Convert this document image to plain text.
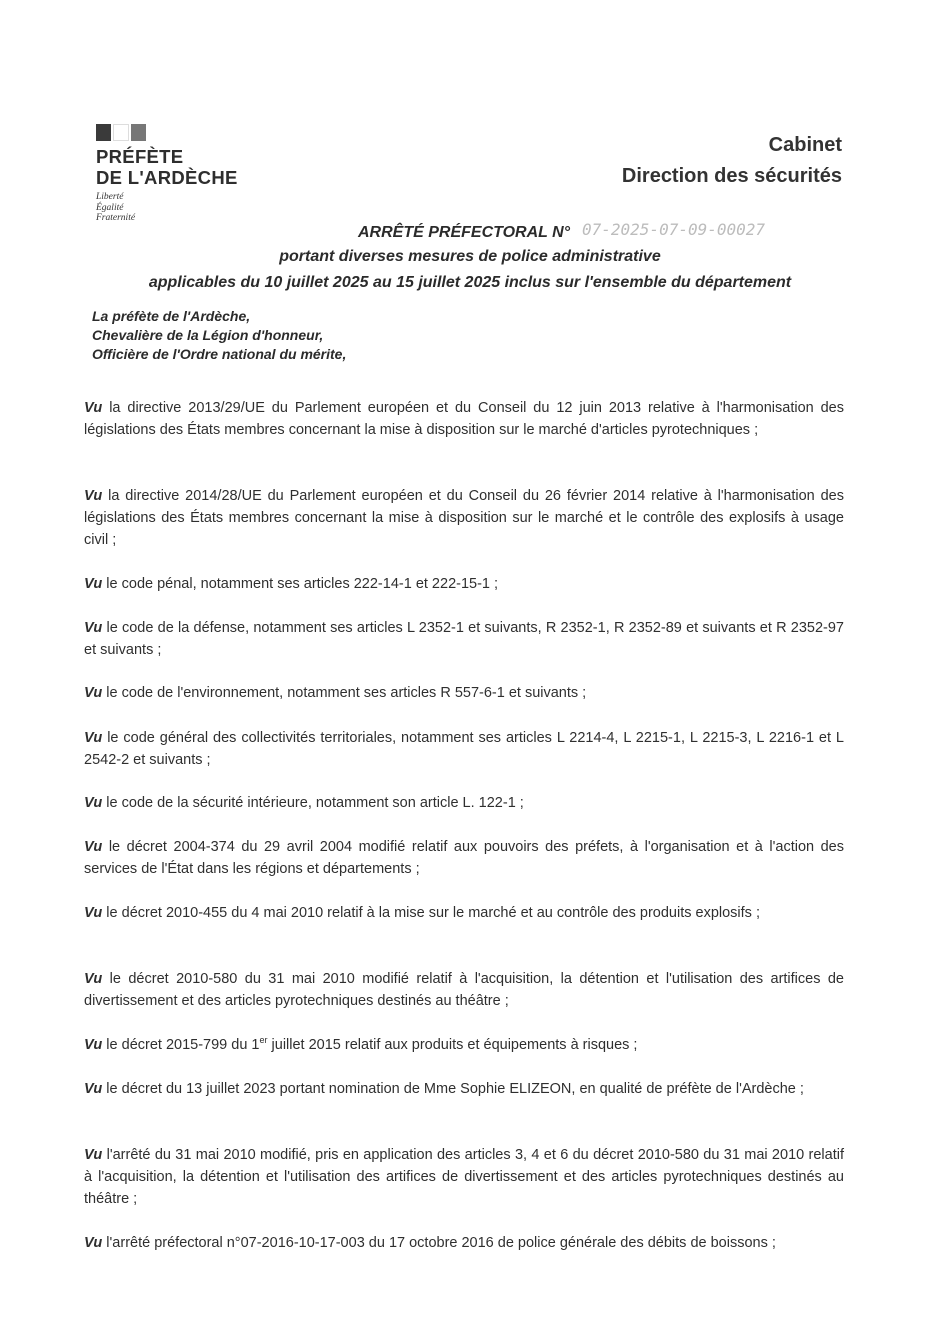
PRÉFÈTE
DE L'ARDÈCHE
Liberté
Égalité
Fraternité
Cabinet
Direction des sécurités
ARRÊTÉ PRÉFECTORAL N° 07-2025-07-09-00027
portant diverses mesures de police administrative
applicables du 10 juillet 2025 au 15 juillet 2025 inclus sur l'ensemble du département
La préfète de l'Ardèche,
Chevalière de la Légion d'honneur,
Officière de l'Ordre national du mérite,
Vu la directive 2013/29/UE du Parlement européen et du Conseil du 12 juin 2013 relative à l'harmonisation des législations des États membres concernant la mise à disposition sur le marché d'articles pyrotechniques ;
Vu la directive 2014/28/UE du Parlement européen et du Conseil du 26 février 2014 relative à l'harmonisation des législations des États membres concernant la mise à disposition sur le marché et le contrôle des explosifs à usage civil ;
Vu le code pénal, notamment ses articles 222-14-1 et 222-15-1 ;
Vu le code de la défense, notamment ses articles L 2352-1 et suivants, R 2352-1, R 2352-89 et suivants et R 2352-97 et suivants ;
Vu le code de l'environnement, notamment ses articles R 557-6-1 et suivants ;
Vu le code général des collectivités territoriales, notamment ses articles L 2214-4, L 2215-1, L 2215-3, L 2216-1 et L 2542-2 et suivants ;
Vu le code de la sécurité intérieure, notamment son article L. 122-1 ;
Vu le décret 2004-374 du 29 avril 2004 modifié relatif aux pouvoirs des préfets, à l'organisation et à l'action des services de l'État dans les régions et départements ;
Vu le décret 2010-455 du 4 mai 2010 relatif à la mise sur le marché et au contrôle des produits explosifs ;
Vu le décret 2010-580 du 31 mai 2010 modifié relatif à l'acquisition, la détention et l'utilisation des artifices de divertissement et des articles pyrotechniques destinés au théâtre ;
Vu le décret 2015-799 du 1er juillet 2015 relatif aux produits et équipements à risques ;
Vu le décret du 13 juillet 2023 portant nomination de Mme Sophie ELIZEON, en qualité de préfète de l'Ardèche ;
Vu l'arrêté du 31 mai 2010 modifié, pris en application des articles 3, 4 et 6 du décret 2010-580 du 31 mai 2010 relatif à l'acquisition, la détention et l'utilisation des artifices de divertissement et des articles pyrotechniques destinés au théâtre ;
Vu l'arrêté préfectoral n°07-2016-10-17-003 du 17 octobre 2016 de police générale des débits de boissons ;
